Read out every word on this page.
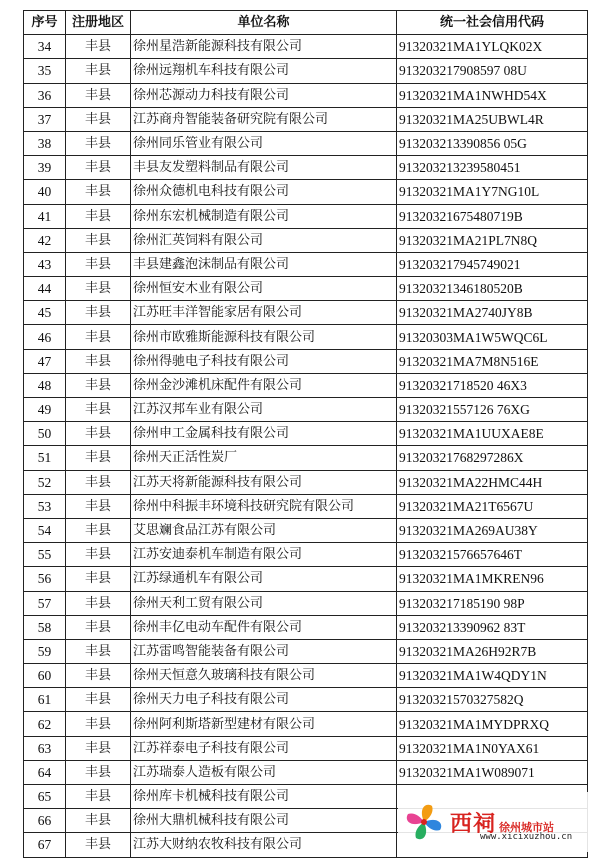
序号	注册地区	单位名称	统一社会信用代码
34	丰县	徐州星浩新能源科技有限公司	91320321MA1YLQK02X
35	丰县	徐州远翔机车科技有限公司	913203217908597 08U
36	丰县	徐州芯源动力科技有限公司	91320321MA1NWHD54X
37	丰县	江苏商舟智能装备研究院有限公司	91320321MA25UBWL4R
38	丰县	徐州同乐管业有限公司	913203213390856 05G
39	丰县	丰县友发塑料制品有限公司	913203213239580451
40	丰县	徐州众德机电科技有限公司	91320321MA1Y7NG10L
41	丰县	徐州东宏机械制造有限公司	91320321675480719B
42	丰县	徐州汇英饲料有限公司	91320321MA21PL7N8Q
43	丰县	丰县建鑫泡沫制品有限公司	913203217945749021
44	丰县	徐州恒安木业有限公司	91320321346180520B
45	丰县	江苏旺丰洋智能家居有限公司	91320321MA2740JY8B
46	丰县	徐州市欧雅斯能源科技有限公司	91320303MA1W5WQC6L
47	丰县	徐州得驰电子科技有限公司	91320321MA7M8N516E
48	丰县	徐州金沙滩机床配件有限公司	91320321718520 46X3
49	丰县	江苏汉邦车业有限公司	91320321557126 76XG
50	丰县	徐州申工金属科技有限公司	91320321MA1UUXAE8E
51	丰县	徐州天正活性炭厂	91320321768297286X
52	丰县	江苏天将新能源科技有限公司	91320321MA22HMC44H
53	丰县	徐州中科振丰环境科技研究院有限公司	91320321MA21T6567U
54	丰县	艾思斓食品江苏有限公司	91320321MA269AU38Y
55	丰县	江苏安迪泰机车制造有限公司	91320321576657646T
56	丰县	江苏绿通机车有限公司	91320321MA1MKREN96
57	丰县	徐州天利工贸有限公司	913203217185190 98P
58	丰县	徐州丰亿电动车配件有限公司	913203213390962 83T
59	丰县	江苏雷鸣智能装备有限公司	91320321MA26H92R7B
60	丰县	徐州天恒意久玻璃科技有限公司	91320321MA1W4QDY1N
61	丰县	徐州天力电子科技有限公司	91320321570327582Q
62	丰县	徐州阿利斯塔新型建材有限公司	91320321MA1MYDPRXQ
63	丰县	江苏祥泰电子科技有限公司	91320321MA1N0YAX61
64	丰县	江苏瑞泰人造板有限公司	91320321MA1W089071
65	丰县	徐州库卡机械科技有限公司	
66	丰县	徐州大鼎机械科技有限公司	
67	丰县	江苏大财纳农牧科技有限公司	
西祠 徐州城市站
www.xicixuzhou.cn
